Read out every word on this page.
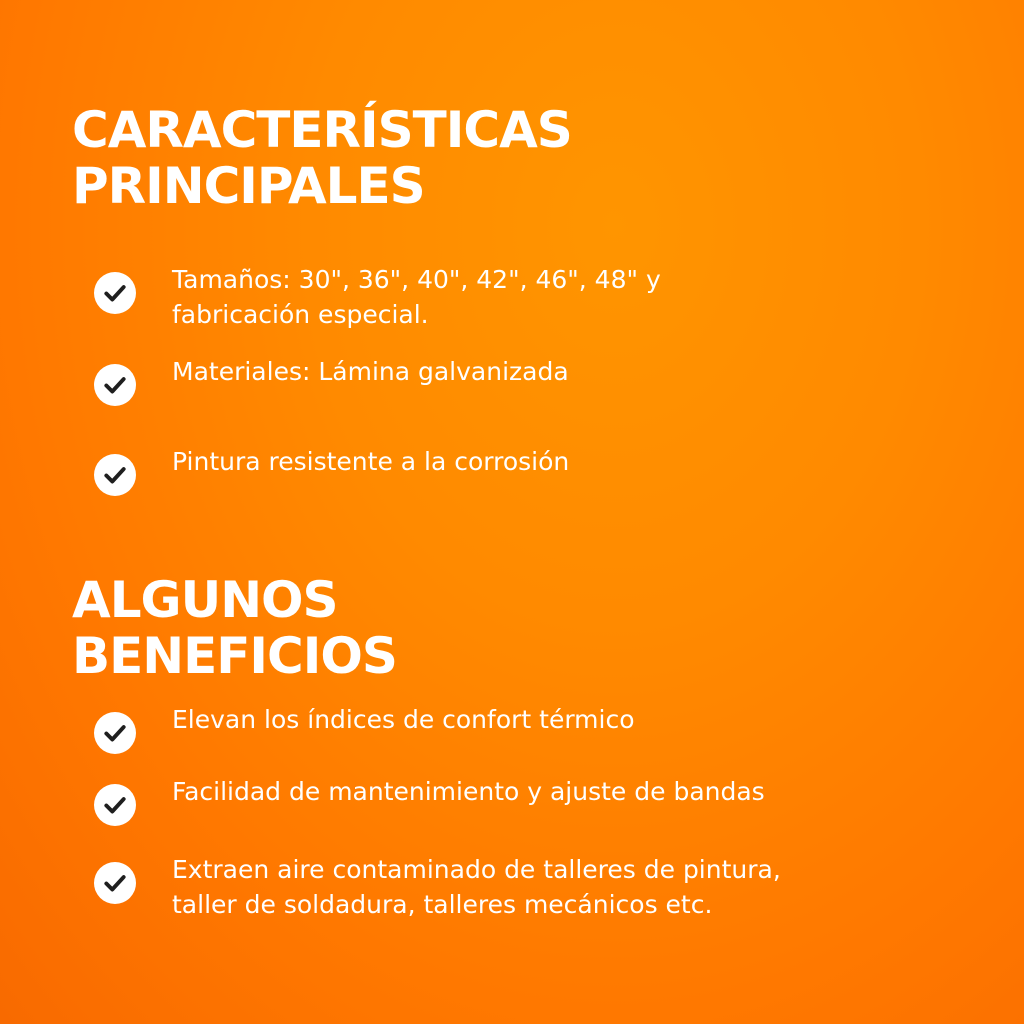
CARACTERÍSTICAS
PRINCIPALES

Tamaños: 30", 36", 40", 42", 46", 48" y
fabricación especial.

Materiales: Lámina galvanizada

Pintura resistente a la corrosión

ALGUNOS
BENEFICIOS

Elevan los índices de confort térmico

Facilidad de mantenimiento y ajuste de bandas

Extraen aire contaminado de talleres de pintura,
taller de soldadura, talleres mecánicos etc.
